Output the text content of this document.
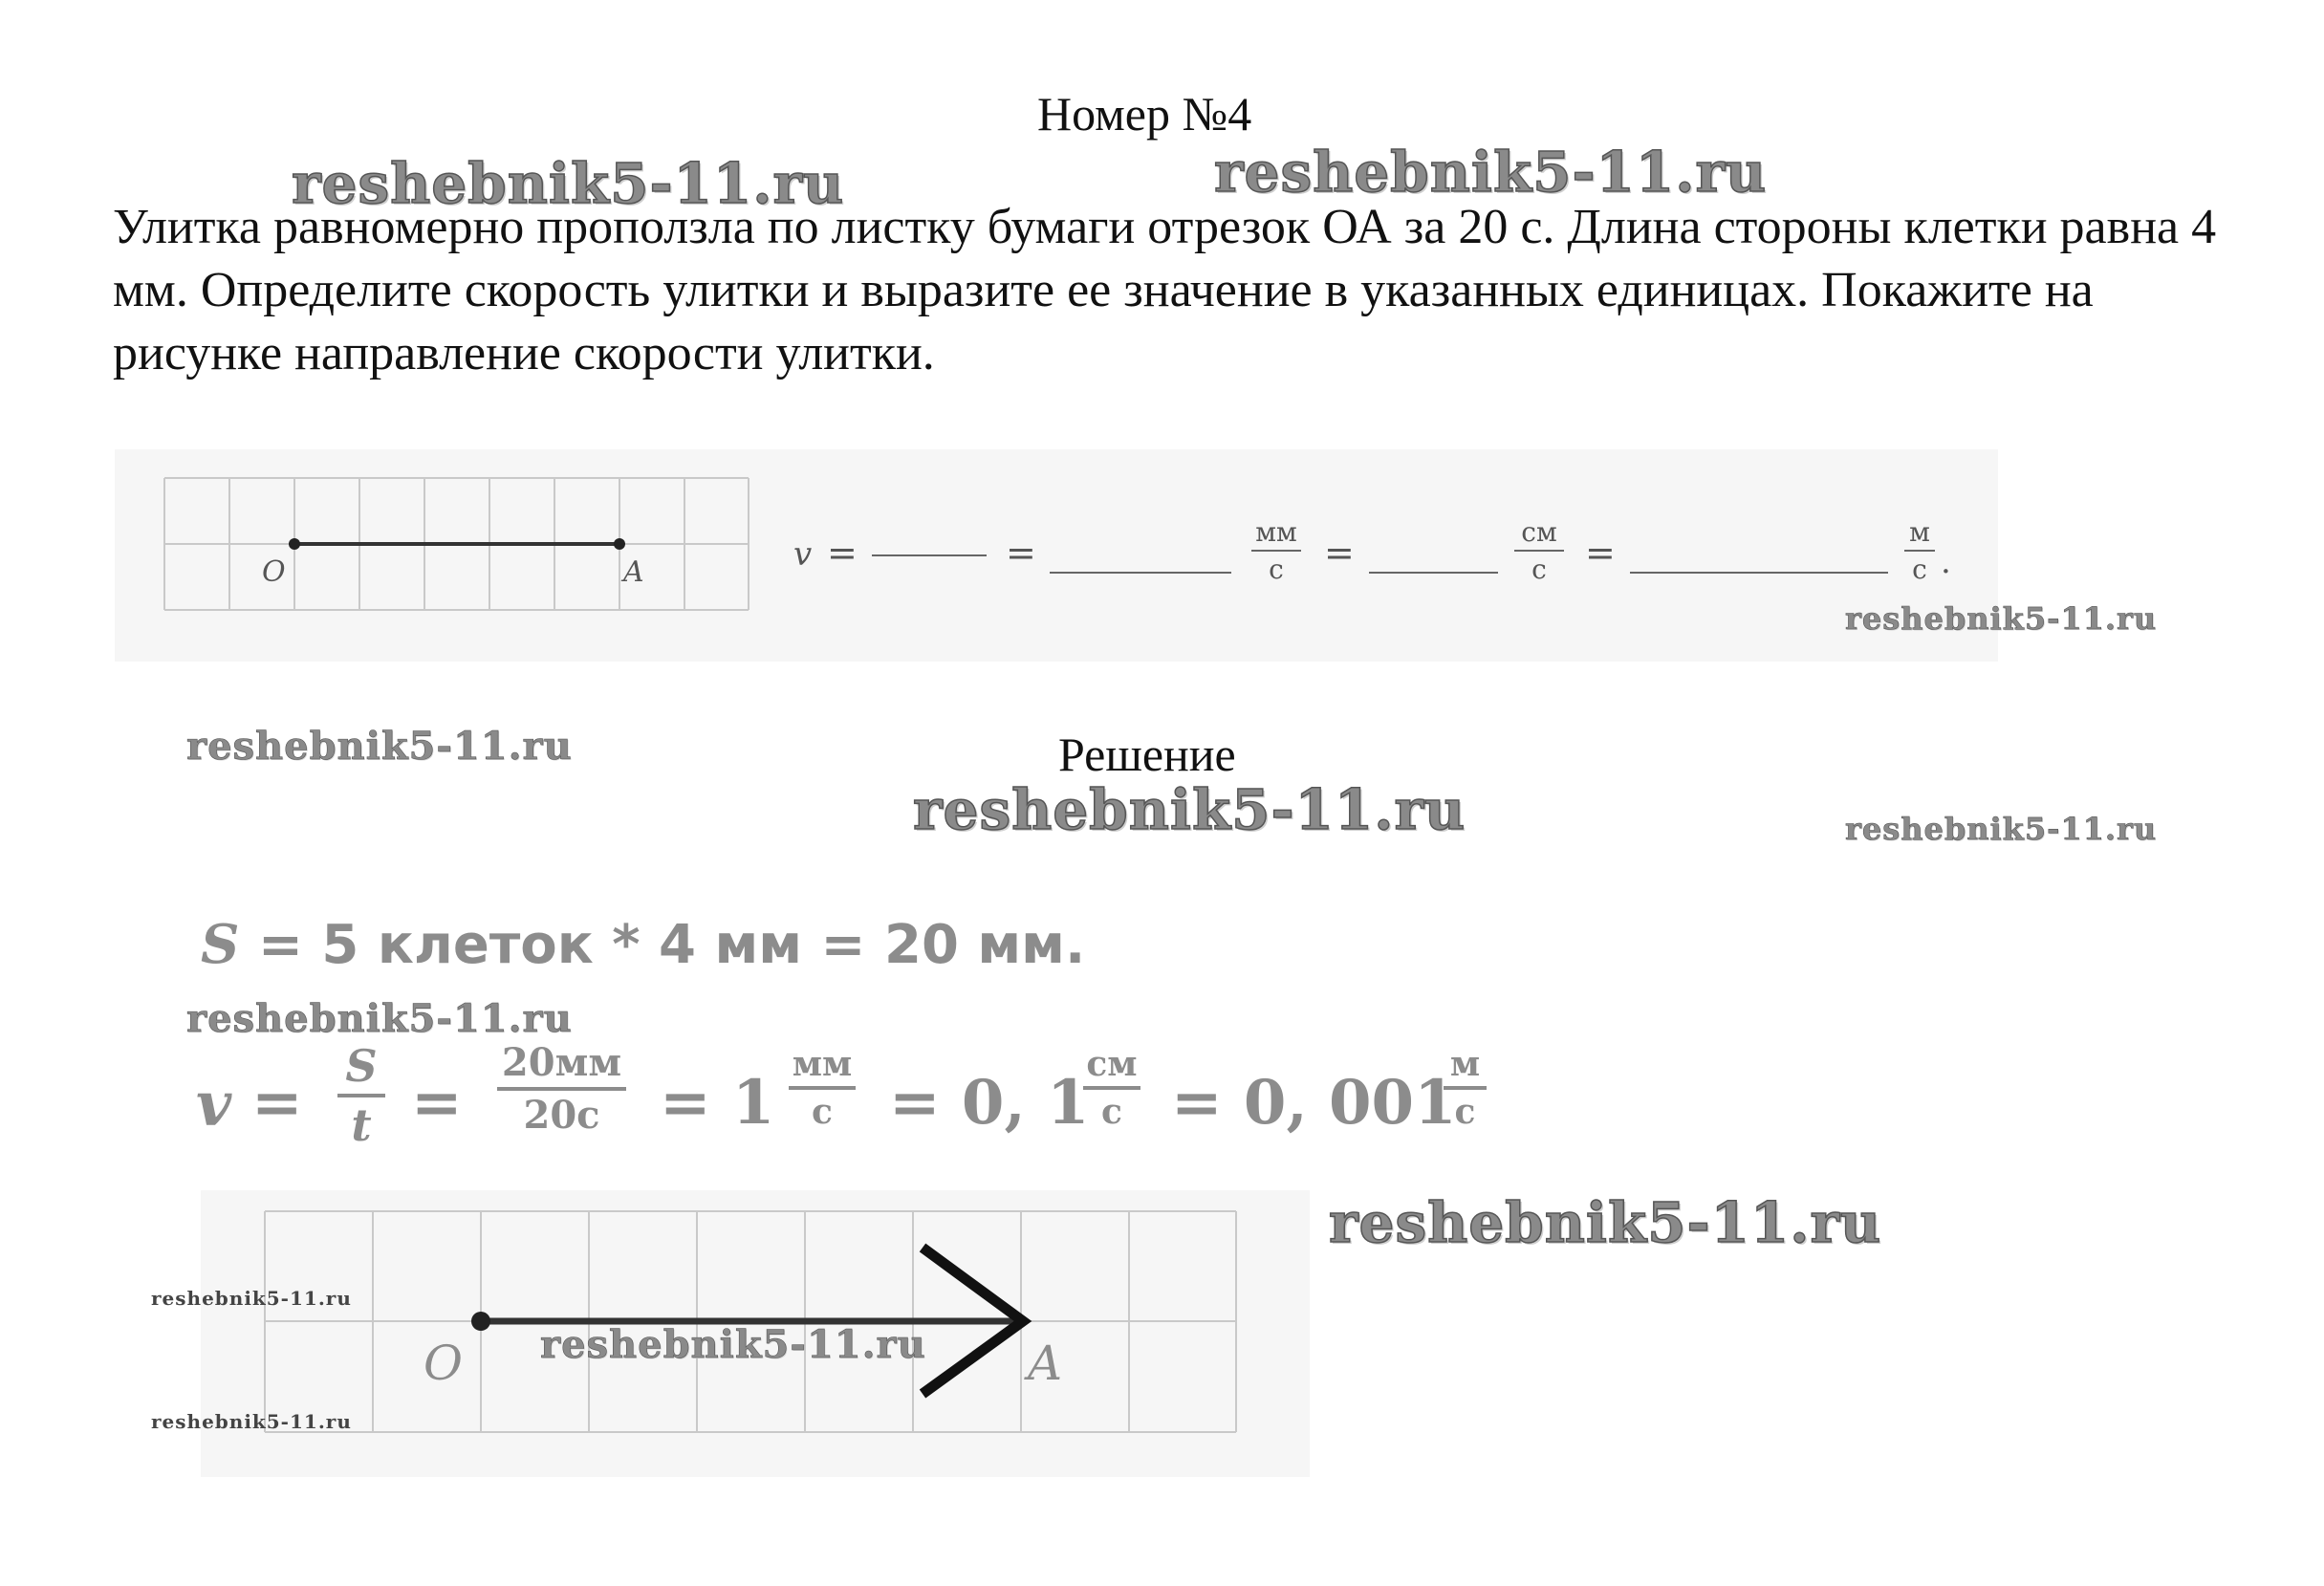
Номер №4
Улитка равномерно проползла по листку бумаги отрезок ОА за 20 с. Длина стороны клетки равна 4 мм. Определите скорость улитки и выразите ее значение в указанных единицах. Покажите на рисунке направление скорости улитки.
reshebnik5-11.ru	reshebnik5-11.ru
O	A	v =	=	мм
с	=	см
с	=	м
с .
reshebnik5-11.ru
reshebnik5-11.ru	Решение
reshebnik5-11.ru	reshebnik5-11.ru
S = 5 клеток * 4 мм = 20 мм.
reshebnik5-11.ru
v =
S
t =
20мм
20с = 1
мм
с = 0, 1
см
с = 0, 001
м
с
O	A
reshebnik5-11.ru
reshebnik5-11.ru
reshebnik5-11.ru
reshebnik5-11.ru
